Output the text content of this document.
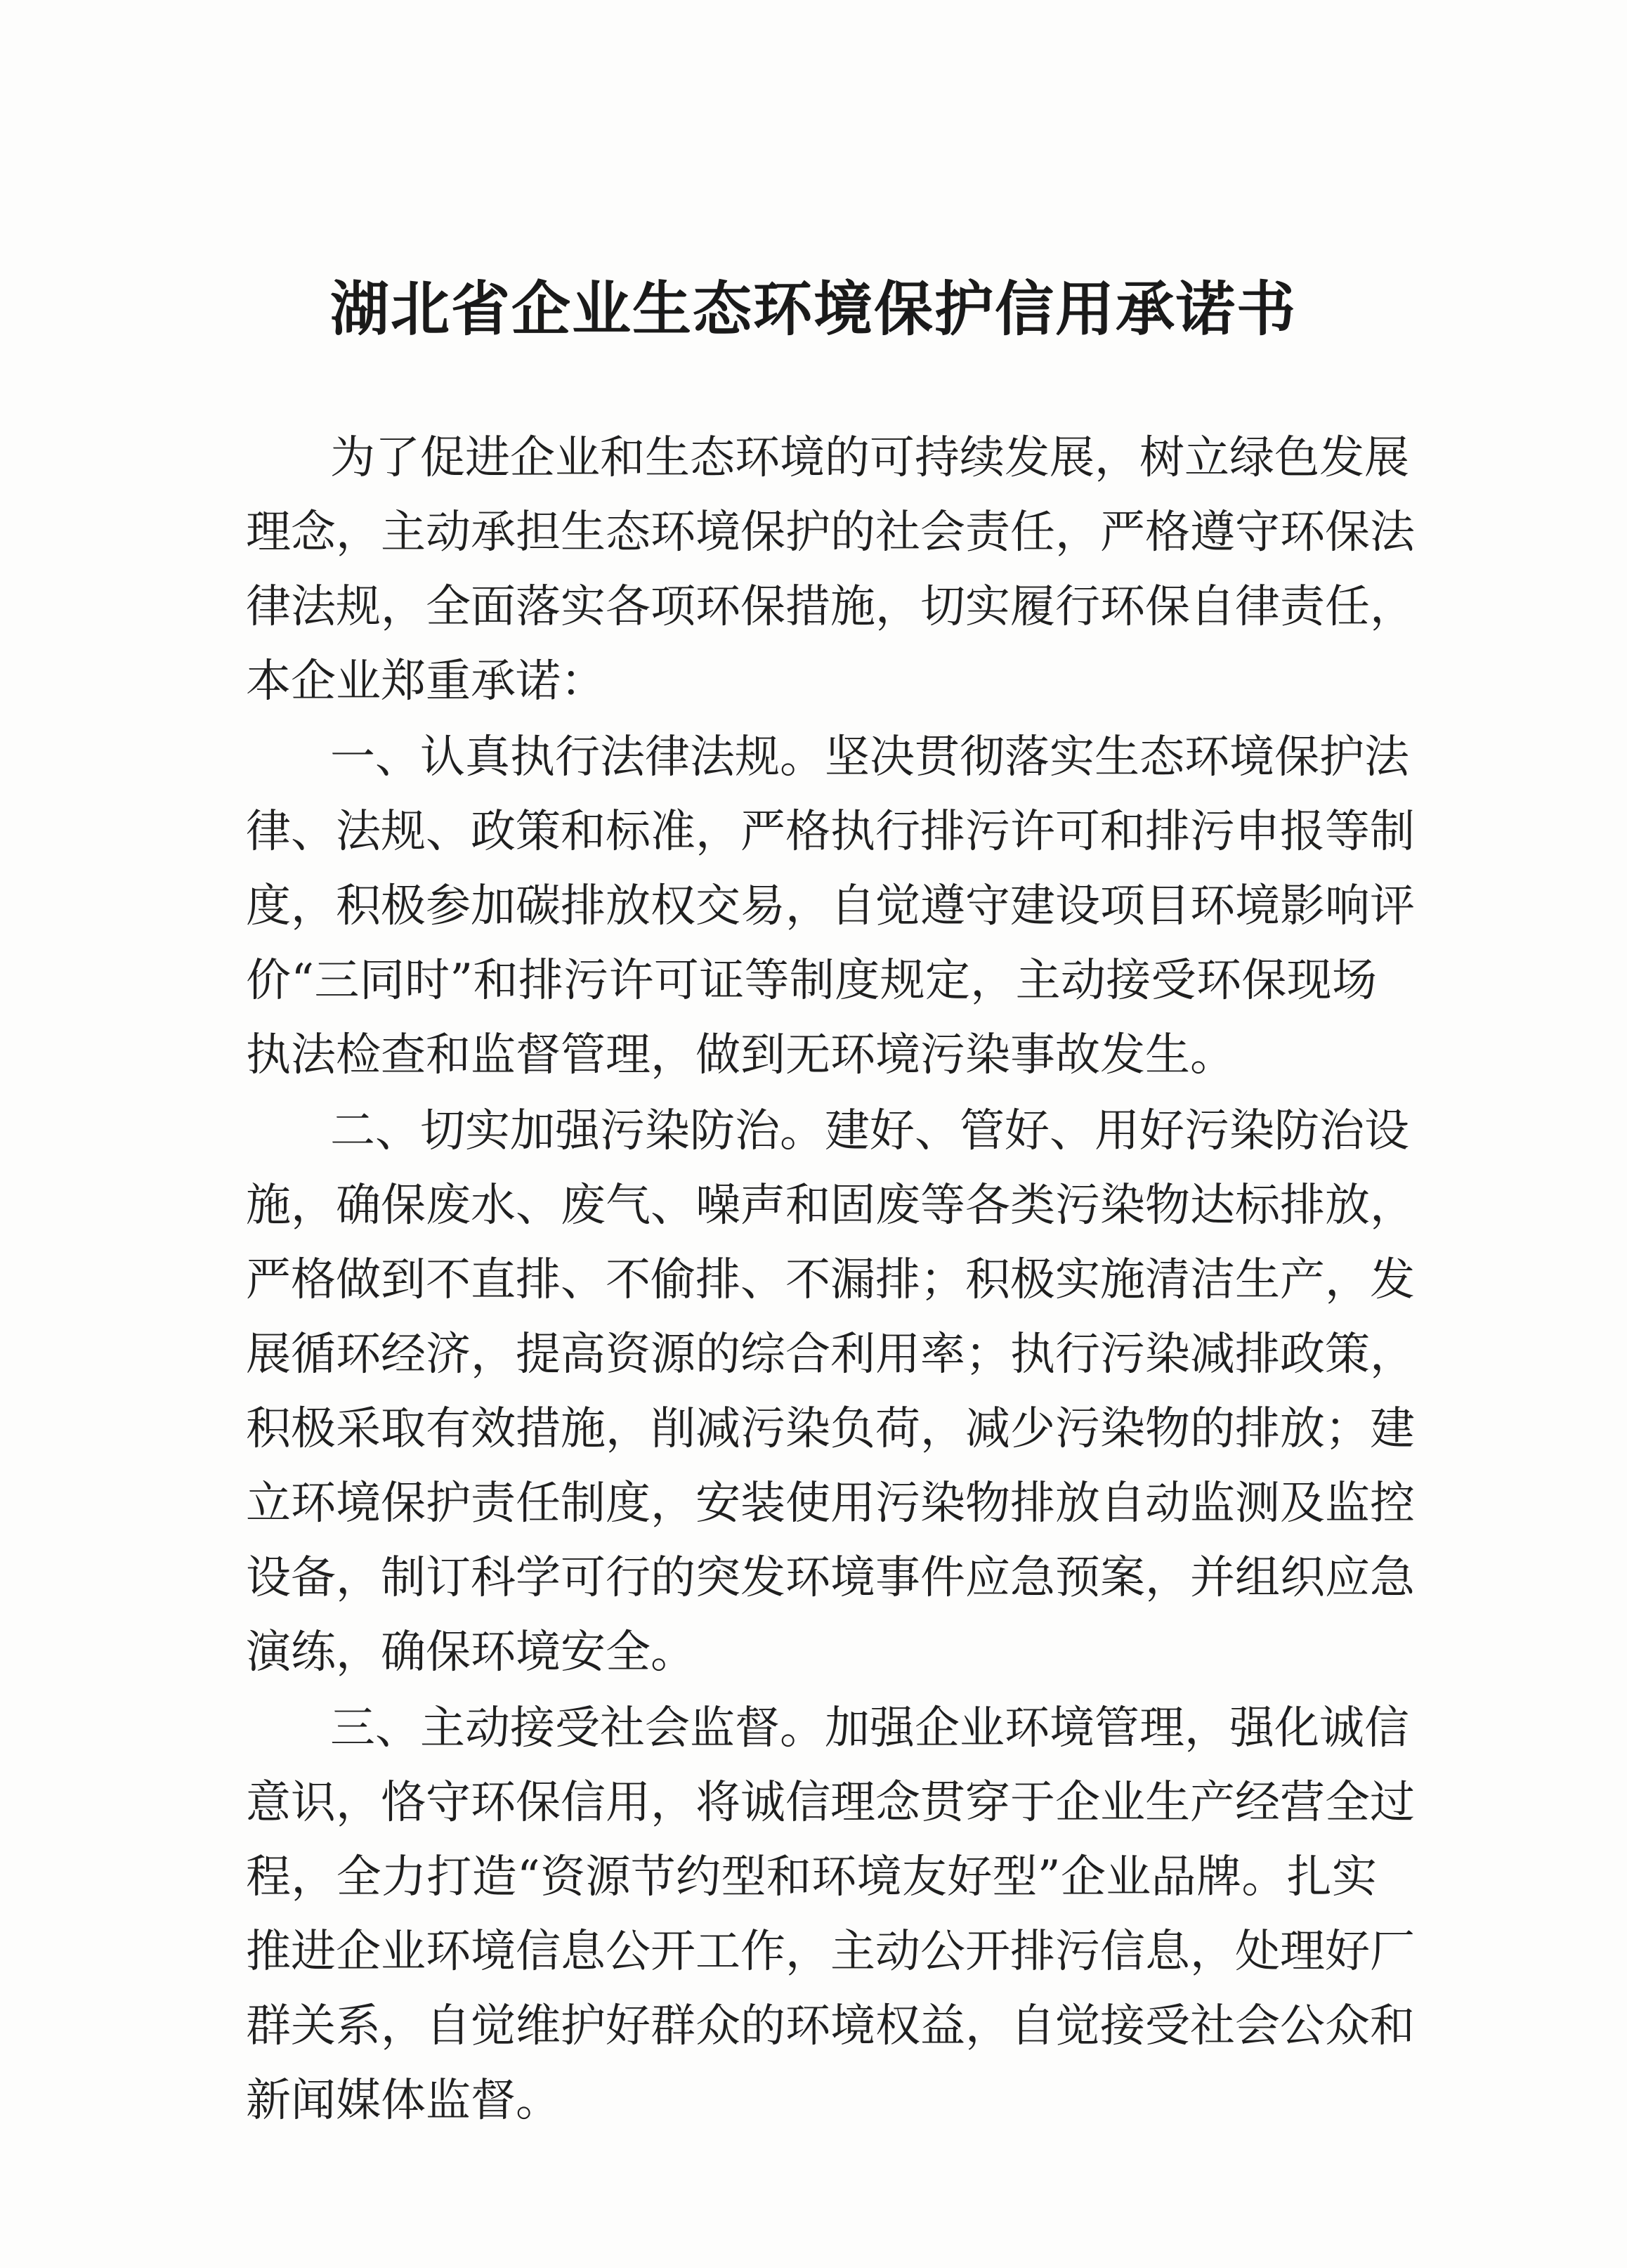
湖北省企业生态环境保护信用承诺书
为了促进企业和生态环境的可持续发展，树立绿色发展
理念，主动承担生态环境保护的社会责任，严格遵守环保法
律法规，全面落实各项环保措施，切实履行环保自律责任，
本企业郑重承诺：
一、认真执行法律法规。坚决贯彻落实生态环境保护法
律、法规、政策和标准，严格执行排污许可和排污申报等制
度，积极参加碳排放权交易，自觉遵守建设项目环境影响评
价“三同时”和排污许可证等制度规定，主动接受环保现场
执法检查和监督管理，做到无环境污染事故发生。
二、切实加强污染防治。建好、管好、用好污染防治设
施，确保废水、废气、噪声和固废等各类污染物达标排放，
严格做到不直排、不偷排、不漏排；积极实施清洁生产，发
展循环经济，提高资源的综合利用率；执行污染减排政策，
积极采取有效措施，削减污染负荷，减少污染物的排放；建
立环境保护责任制度，安装使用污染物排放自动监测及监控
设备，制订科学可行的突发环境事件应急预案，并组织应急
演练，确保环境安全。
三、主动接受社会监督。加强企业环境管理，强化诚信
意识，恪守环保信用，将诚信理念贯穿于企业生产经营全过
程，全力打造“资源节约型和环境友好型”企业品牌。扎实
推进企业环境信息公开工作，主动公开排污信息，处理好厂
群关系，自觉维护好群众的环境权益，自觉接受社会公众和
新闻媒体监督。
